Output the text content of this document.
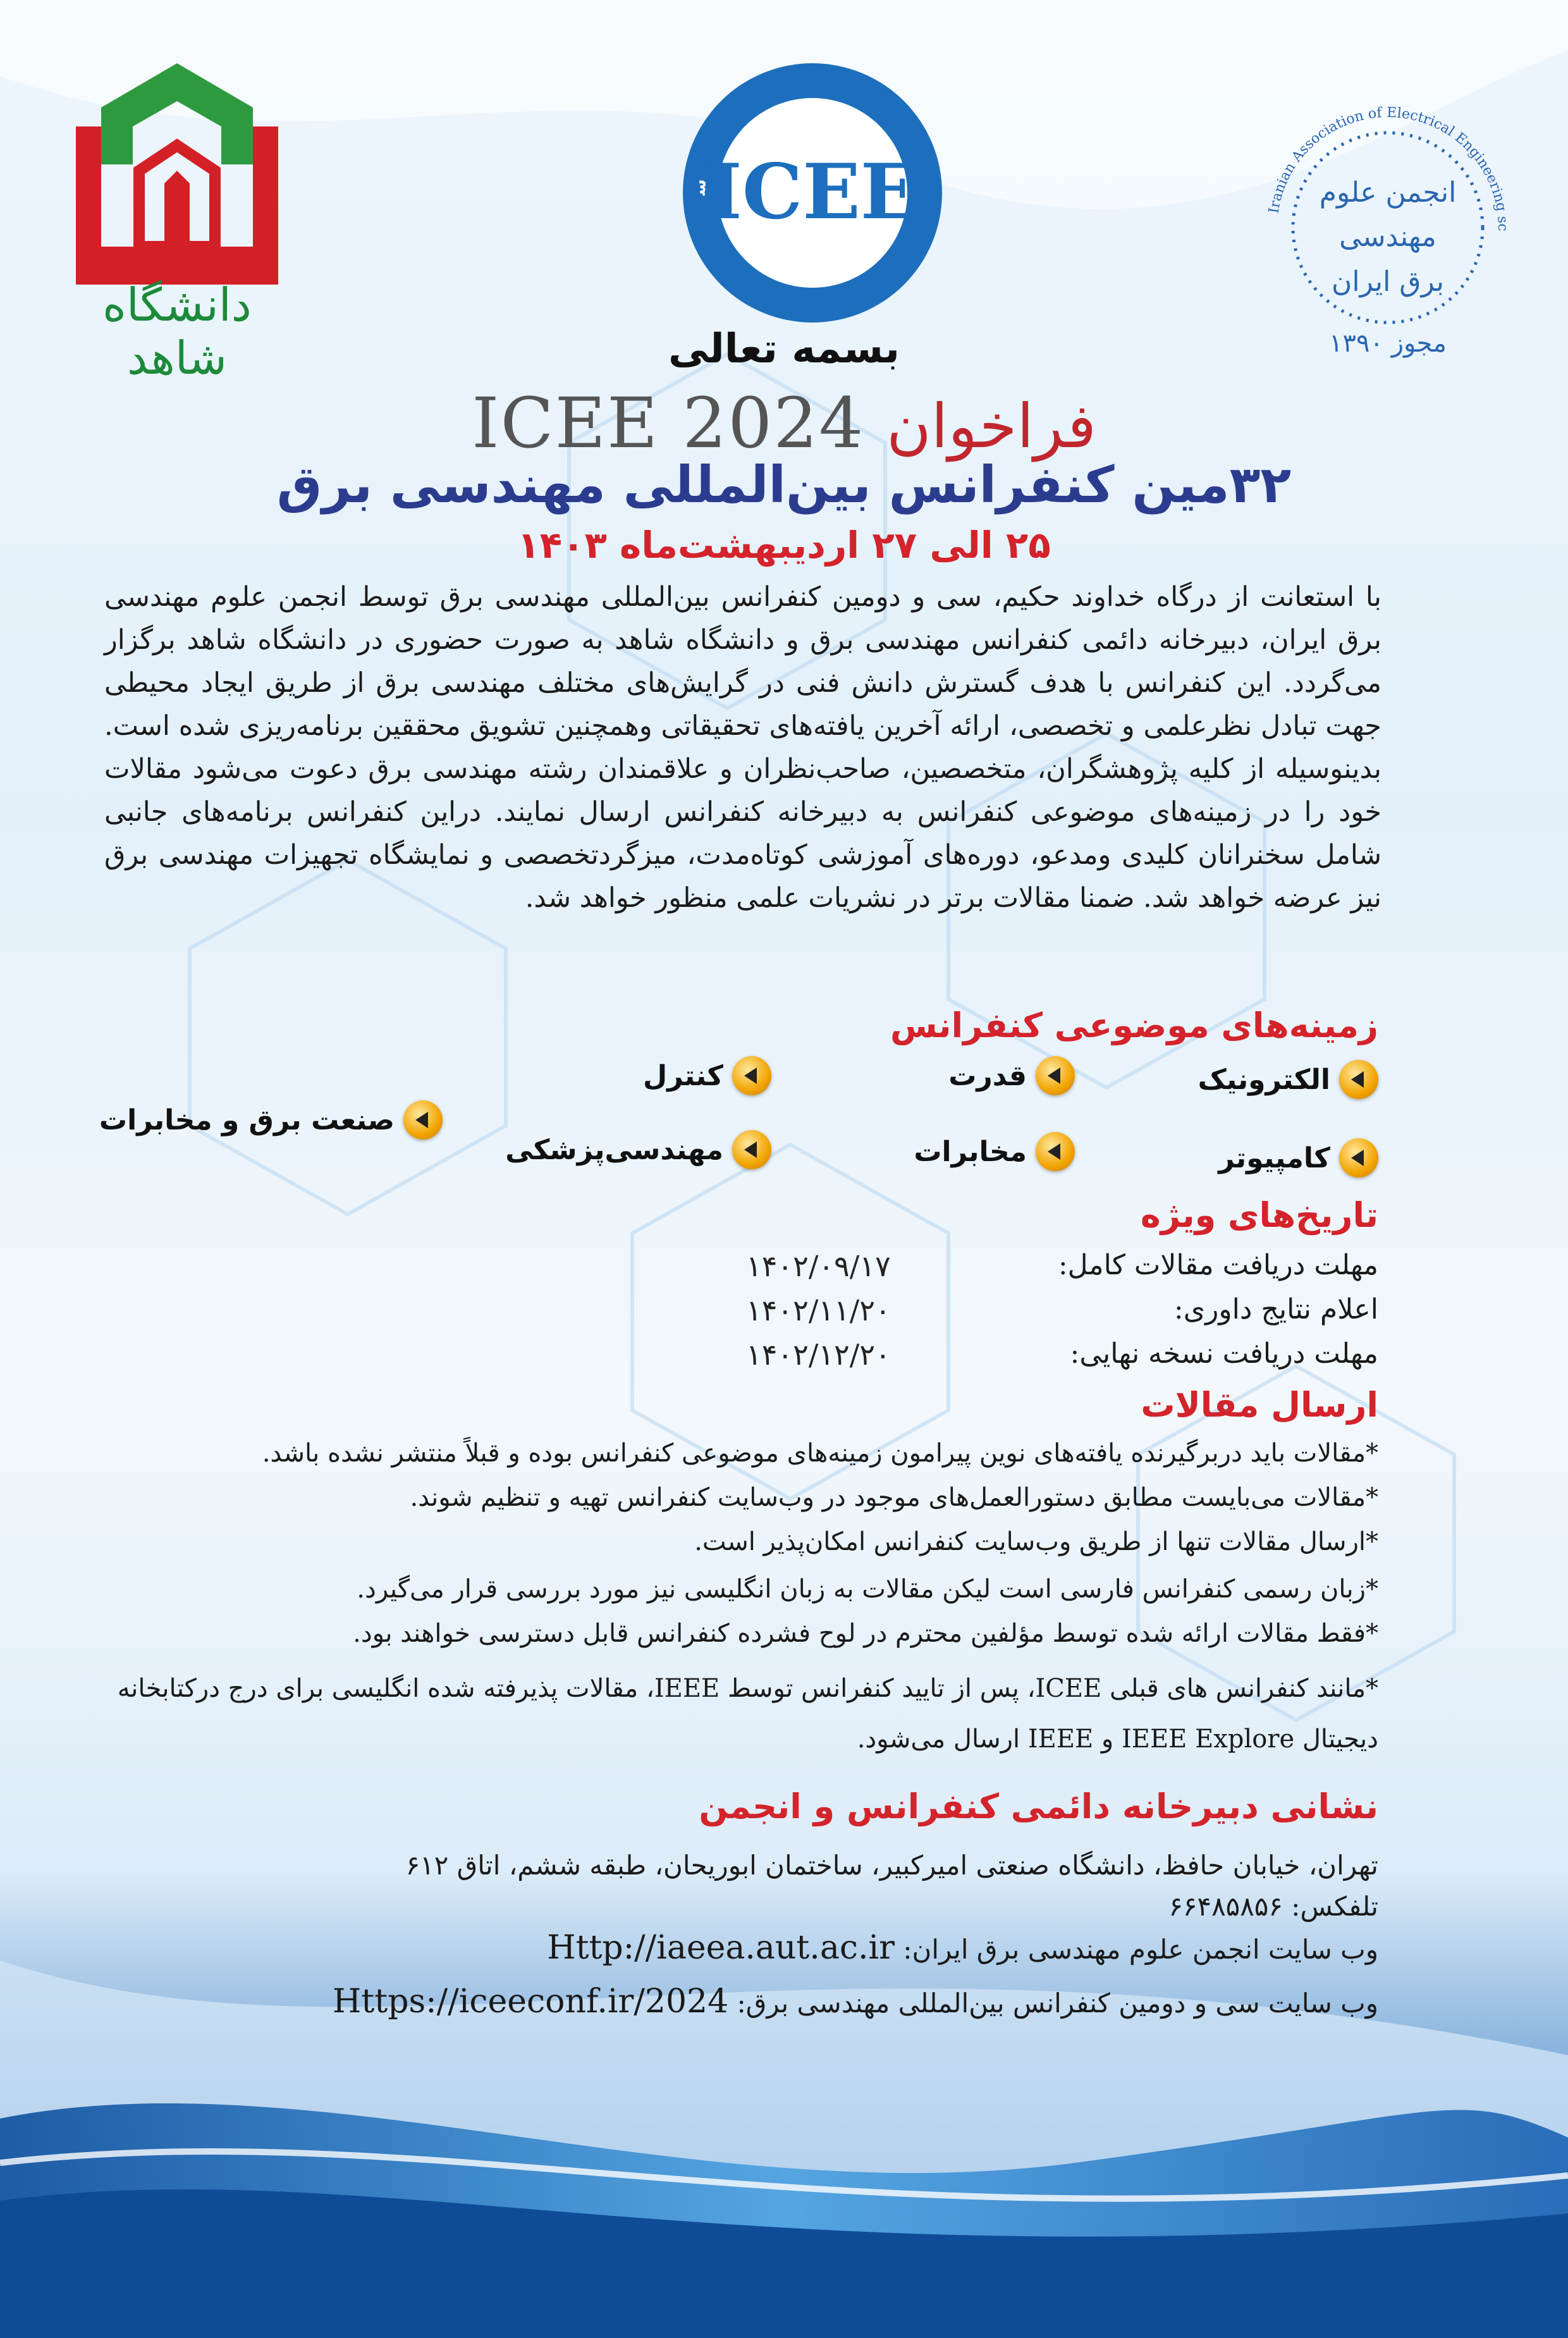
دانشگاه شاهد
س
ICEE	Iranian Association of Electrical Engineering sc
انجمن علوم مهندسی
برق ایران
مجوز ۱۳۹۰
بسمه تعالی
ICEE 2024 فراخوان
۳۲مین کنفرانس بین‌المللی مهندسی برق
۲۵ الی ۲۷ اردیبهشت‌ماه ۱۴۰۳
با استعانت از درگاه خداوند حکیم، سی و دومین کنفرانس بین‌المللی مهندسی برق توسط انجمن علوم مهندسی برق ایران، دبیرخانه دائمی کنفرانس مهندسی برق و دانشگاه شاهد به صورت حضوری در دانشگاه شاهد برگزار می‌گردد. این کنفرانس با هدف گسترش دانش فنی در گرایش‌های مختلف مهندسی برق از طریق ایجاد محیطی جهت تبادل نظرعلمی و تخصصی، ارائه آخرین یافته‌های تحقیقاتی وهمچنین تشویق محققین برنامه‌ریزی شده است. بدینوسیله از کلیه پژوهشگران، متخصصین، صاحب‌نظران و علاقمندان رشته مهندسی برق دعوت می‌شود مقالات خود را در زمینه‌های موضوعی کنفرانس به دبیرخانه کنفرانس ارسال نمایند. دراین کنفرانس برنامه‌های جانبی شامل سخنرانان کلیدی ومدعو، دوره‌های آموزشی کوتاه‌مدت، میزگردتخصصی و نمایشگاه تجهیزات مهندسی برق نیز عرضه خواهد شد. ضمنا مقالات برتر در نشریات علمی منظور خواهد شد.
زمینه‌های موضوعی کنفرانس
الکترونیک
قدرت
کنترل
صنعت برق و مخابرات
کامپیوتر
مخابرات
مهندسی‌پزشکی
تاریخ‌های ویژه
مهلت دریافت مقالات کامل:
۱۴۰۲/۰۹/۱۷
اعلام نتایج داوری:
۱۴۰۲/۱۱/۲۰
مهلت دریافت نسخه نهایی:
۱۴۰۲/۱۲/۲۰
ارسال مقالات
*مقالات باید دربرگیرنده یافته‌های نوین پیرامون زمینه‌های موضوعی کنفرانس بوده و قبلاً منتشر نشده باشد.
*مقالات می‌بایست مطابق دستورالعمل‌های موجود در وب‌سایت کنفرانس تهیه و تنظیم شوند.
*ارسال مقالات تنها از طریق وب‌سایت کنفرانس امکان‌پذیر است.
*زبان رسمی کنفرانس فارسی است لیکن مقالات به زبان انگلیسی نیز مورد بررسی قرار می‌گیرد.
*فقط مقالات ارائه شده توسط مؤلفین محترم در لوح فشرده کنفرانس قابل دسترسی خواهند بود.
*مانند کنفرانس های قبلی ICEE، پس از تایید کنفرانس توسط IEEE، مقالات پذیرفته شده انگلیسی برای درج درکتابخانه دیجیتال IEEE Explore و IEEE ارسال می‌شود.
نشانی دبیرخانه دائمی کنفرانس و انجمن
تهران، خیابان حافظ، دانشگاه صنعتی امیرکبیر، ساختمان ابوریحان، طبقه ششم، اتاق ۶۱۲
تلفکس: ۶۶۴۸۵۸۵۶
وب سایت انجمن علوم مهندسی برق ایران: Http://iaeea.aut.ac.ir
وب سایت سی و دومین کنفرانس بین‌المللی مهندسی برق: Https://iceeconf.ir/2024
